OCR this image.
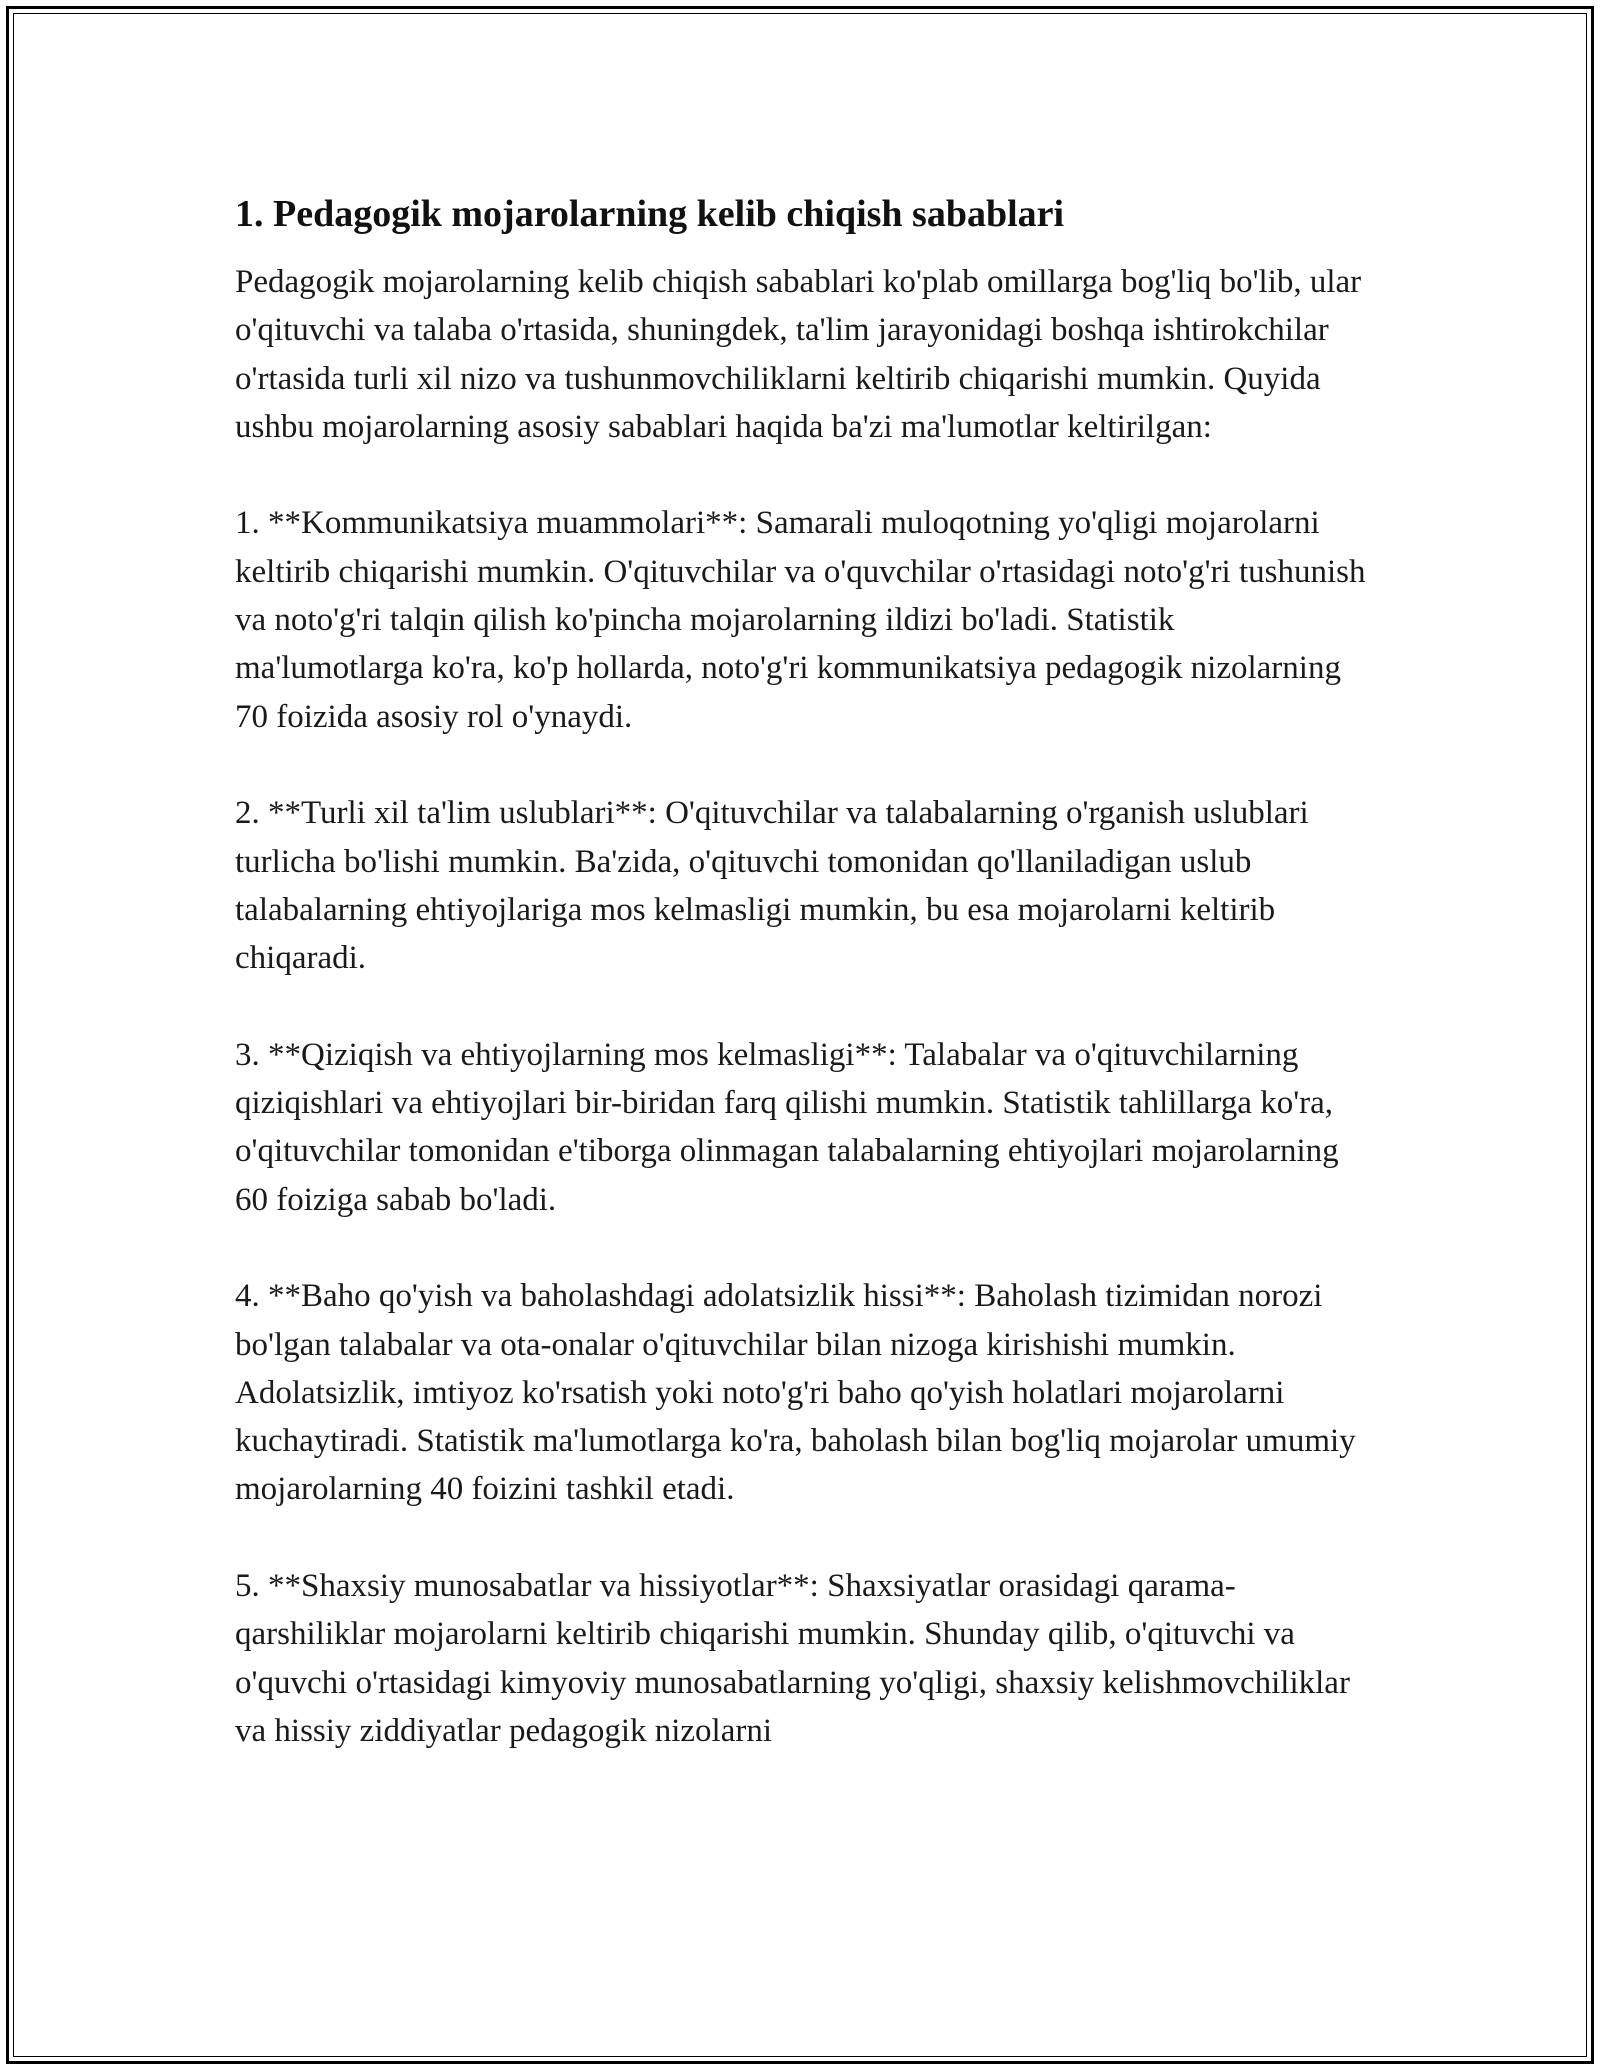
1. Pedagogik mojarolarning kelib chiqish sabablari

Pedagogik mojarolarning kelib chiqish sabablari ko'plab omillarga bog'liq bo'lib, ular o'qituvchi va talaba o'rtasida, shuningdek, ta'lim jarayonidagi boshqa ishtirokchilar o'rtasida turli xil nizo va tushunmovchiliklarni keltirib chiqarishi mumkin. Quyida ushbu mojarolarning asosiy sabablari haqida ba'zi ma'lumotlar keltirilgan:

1. **Kommunikatsiya muammolari**: Samarali muloqotning yo'qligi mojarolarni keltirib chiqarishi mumkin. O'qituvchilar va o'quvchilar o'rtasidagi noto'g'ri tushunish va noto'g'ri talqin qilish ko'pincha mojarolarning ildizi bo'ladi. Statistik ma'lumotlarga ko'ra, ko'p hollarda, noto'g'ri kommunikatsiya pedagogik nizolarning 70 foizida asosiy rol o'ynaydi.

2. **Turli xil ta'lim uslublari**: O'qituvchilar va talabalarning o'rganish uslublari turlicha bo'lishi mumkin. Ba'zida, o'qituvchi tomonidan qo'llaniladigan uslub talabalarning ehtiyojlariga mos kelmasligi mumkin, bu esa mojarolarni keltirib chiqaradi.

3. **Qiziqish va ehtiyojlarning mos kelmasligi**: Talabalar va o'qituvchilarning qiziqishlari va ehtiyojlari bir-biridan farq qilishi mumkin. Statistik tahlillarga ko'ra, o'qituvchilar tomonidan e'tiborga olinmagan talabalarning ehtiyojlari mojarolarning 60 foiziga sabab bo'ladi.

4. **Baho qo'yish va baholashdagi adolatsizlik hissi**: Baholash tizimidan norozi bo'lgan talabalar va ota-onalar o'qituvchilar bilan nizoga kirishishi mumkin. Adolatsizlik, imtiyoz ko'rsatish yoki noto'g'ri baho qo'yish holatlari mojarolarni kuchaytiradi. Statistik ma'lumotlarga ko'ra, baholash bilan bog'liq mojarolar umumiy mojarolarning 40 foizini tashkil etadi.

5. **Shaxsiy munosabatlar va hissiyotlar**: Shaxsiyatlar orasidagi qarama-qarshiliklar mojarolarni keltirib chiqarishi mumkin. Shunday qilib, o'qituvchi va o'quvchi o'rtasidagi kimyoviy munosabatlarning yo'qligi, shaxsiy kelishmovchiliklar va hissiy ziddiyatlar pedagogik nizolarni
